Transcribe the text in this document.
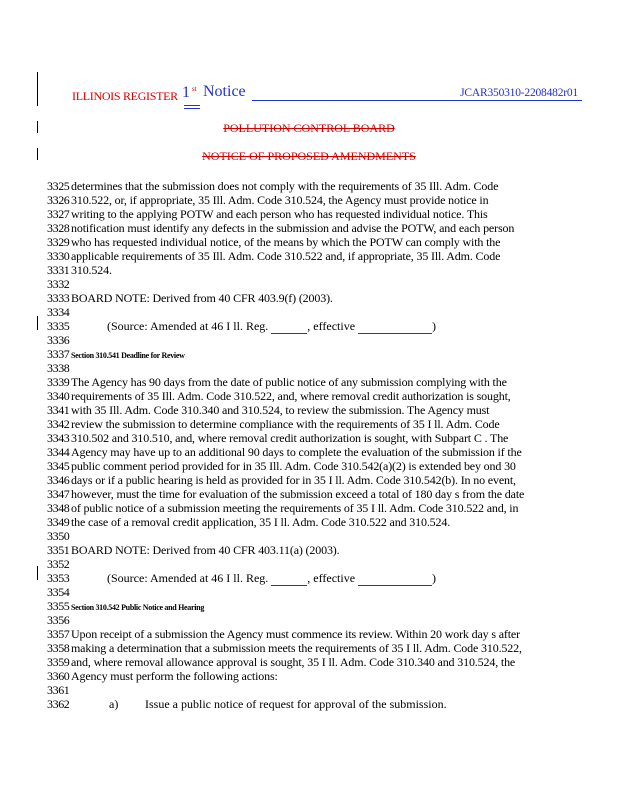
ILLINOIS REGISTER 1 st Notice	JCAR350310-2208482r01
POLLUTION CONTROL BOARD
NOTICE OF PROPOSED AMENDMENTS
3325 determines that the submission does not comply with the requirements of 35 Ill. Adm. Code
3326 310.522, or, if appropriate, 35 Ill. Adm. Code 310.524, the Agency must provide notice in
3327 writing to the applying POTW and each person who has requested individual notice. This
3328 notification must identify any defects in the submission and advise the POTW, and each person
3329 who has requested individual notice, of the means by which the POTW can comply with the
3330 applicable requirements of 35 Ill. Adm. Code 310.522 and, if appropriate, 35 Ill. Adm. Code
3331 310.524.
3332
3333 BOARD NOTE: Derived from 40 CFR 403.9(f) (2003).
3334
3335	(Source: Amended at 46 I ll. Reg.	, effective	)
3336
3337 Section 310.541 Deadline for Review
3338
3339 The Agency has 90 days from the date of public notice of any submission complying with the
3340 requirements of 35 Ill. Adm. Code 310.522, and, where removal credit authorization is sought,
3341 with 35 Ill. Adm. Code 310.340 and 310.524, to review the submission. The Agency must
3342 review the submission to determine compliance with the requirements of 35 I ll. Adm. Code
3343 310.502 and 310.510, and, where removal credit authorization is sought, with Subpart C . The
3344 Agency may have up to an additional 90 days to complete the evaluation of the submission if the
3345 public comment period provided for in 35 Ill. Adm. Code 310.542(a)(2) is extended bey ond 30
3346 days or if a public hearing is held as provided for in 35 I ll. Adm. Code 310.542(b). In no event,
3347 however, must the time for evaluation of the submission exceed a total of 180 day s from the date
3348 of public notice of a submission meeting the requirements of 35 I ll. Adm. Code 310.522 and, in
3349 the case of a removal credit application, 35 I ll. Adm. Code 310.522 and 310.524.
3350
3351 BOARD NOTE: Derived from 40 CFR 403.11(a) (2003).
3352
3353	(Source: Amended at 46 I ll. Reg.	, effective	)
3354
3355 Section 310.542 Public Notice and Hearing
3356
3357 Upon receipt of a submission the Agency must commence its review. Within 20 work day s after
3358 making a determination that a submission meets the requirements of 35 I ll. Adm. Code 310.522,
3359 and, where removal allowance approval is sought, 35 I ll. Adm. Code 310.340 and 310.524, the
3360 Agency must perform the following actions:
3361
3362	a) Issue a public notice of request for approval of the submission.
